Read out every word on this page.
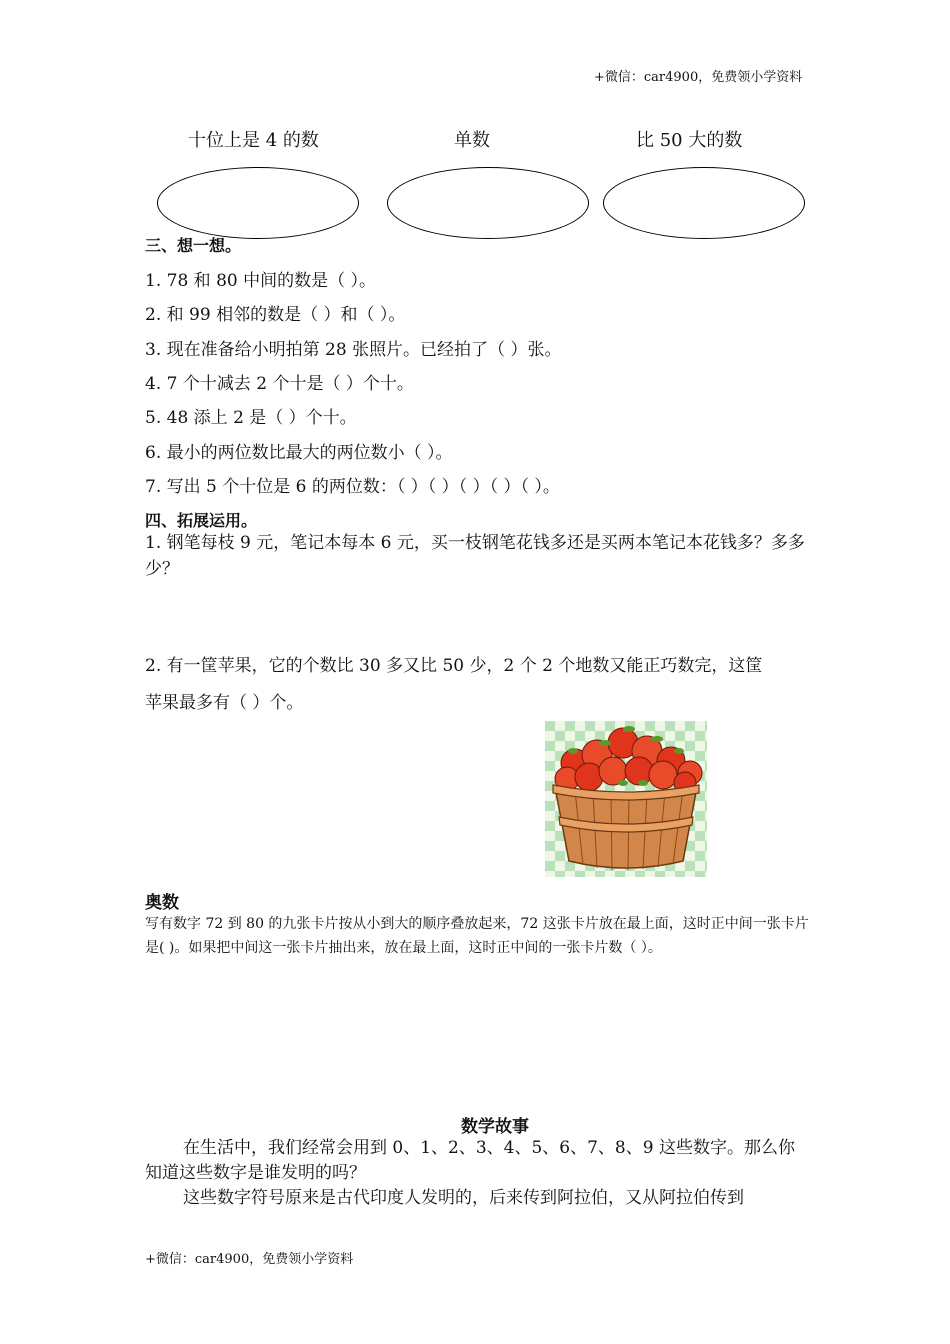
+微信：car4900，免费领小学资料
十位上是 4 的数	单数	比 50 大的数
三、想一想。
1. 78 和 80 中间的数是（ ）。
2. 和 99 相邻的数是（ ）和（ ）。
3. 现在准备给小明拍第 28 张照片。已经拍了（ ）张。
4. 7 个十减去 2 个十是（ ）个十。
5. 48 添上 2 是（ ）个十。
6. 最小的两位数比最大的两位数小（ ）。
7. 写出 5 个十位是 6 的两位数：（ ）（ ）（ ）（ ）（ ）。
四、拓展运用。
1. 钢笔每枝 9 元，笔记本每本 6 元，买一枝钢笔花钱多还是买两本笔记本花钱多？多多少？
2. 有一筐苹果，它的个数比 30 多又比 50 少，2 个 2 个地数又能正巧数完，这筐
苹果最多有（ ）个。
奥数
写有数字 72 到 80 的九张卡片按从小到大的顺序叠放起来，72 这张卡片放在最上面，这时正中间一张卡片是( )。如果把中间这一张卡片抽出来，放在最上面，这时正中间的一张卡片数（ ）。
数学故事
在生活中，我们经常会用到 0、1、2、3、4、5、6、7、8、9 这些数字。那么你知道这些数字是谁发明的吗？
这些数字符号原来是古代印度人发明的，后来传到阿拉伯，又从阿拉伯传到
+微信：car4900，免费领小学资料
